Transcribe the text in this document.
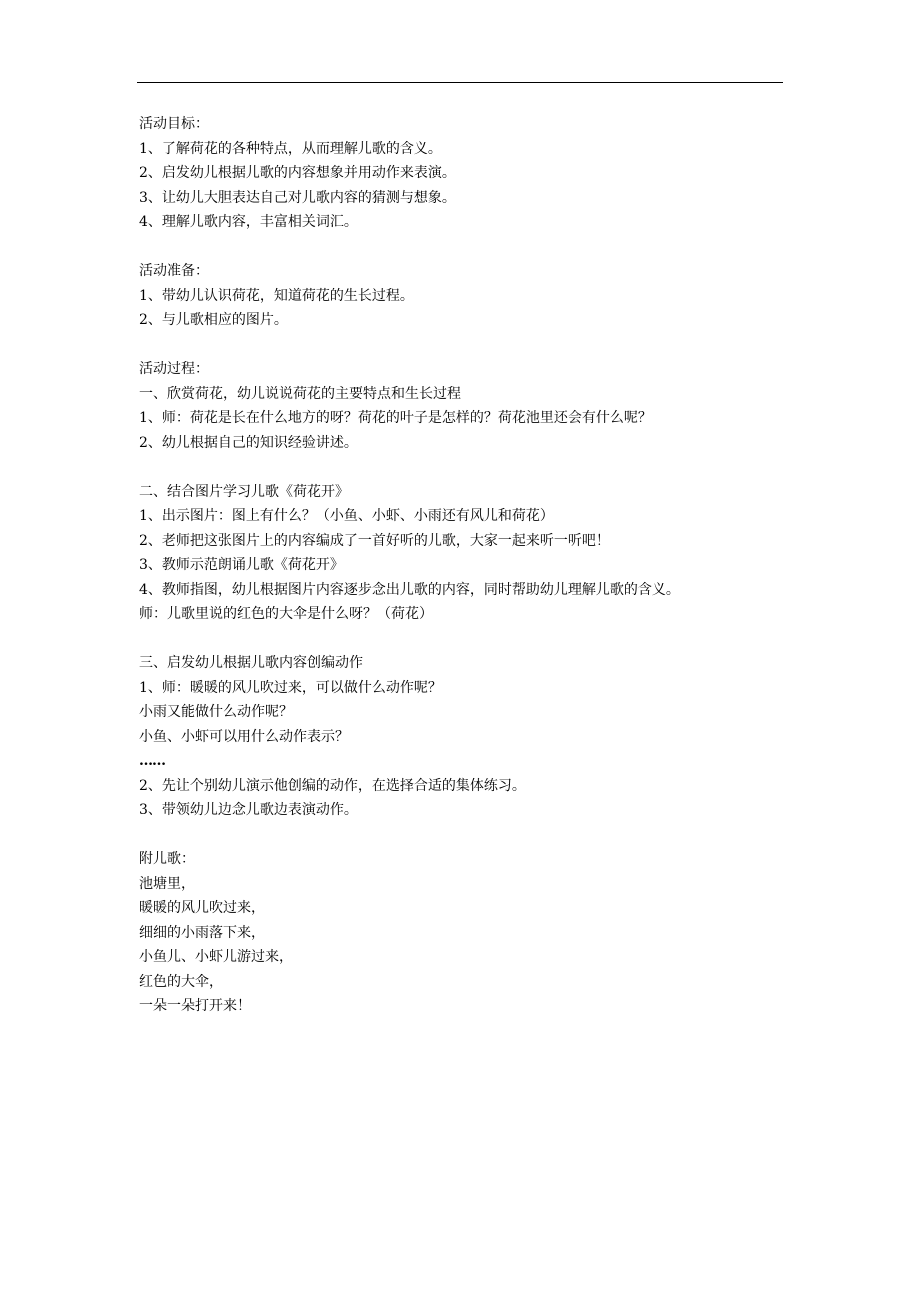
活动目标：
1、了解荷花的各种特点，从而理解儿歌的含义。
2、启发幼儿根据儿歌的内容想象并用动作来表演。
3、让幼儿大胆表达自己对儿歌内容的猜测与想象。
4、理解儿歌内容，丰富相关词汇。
活动准备：
1、带幼儿认识荷花，知道荷花的生长过程。
2、与儿歌相应的图片。
活动过程：
一、欣赏荷花，幼儿说说荷花的主要特点和生长过程
1、师：荷花是长在什么地方的呀？荷花的叶子是怎样的？荷花池里还会有什么呢？
2、幼儿根据自己的知识经验讲述。
二、结合图片学习儿歌《荷花开》
1、出示图片：图上有什么？（小鱼、小虾、小雨还有风儿和荷花）
2、老师把这张图片上的内容编成了一首好听的儿歌，大家一起来听一听吧！
3、教师示范朗诵儿歌《荷花开》
4、教师指图，幼儿根据图片内容逐步念出儿歌的内容，同时帮助幼儿理解儿歌的含义。
师：儿歌里说的红色的大伞是什么呀？（荷花）
三、启发幼儿根据儿歌内容创编动作
1、师：暖暖的风儿吹过来，可以做什么动作呢？
小雨又能做什么动作呢？
小鱼、小虾可以用什么动作表示？
……
2、先让个别幼儿演示他创编的动作，在选择合适的集体练习。
3、带领幼儿边念儿歌边表演动作。
附儿歌：
池塘里，
暖暖的风儿吹过来，
细细的小雨落下来，
小鱼儿、小虾儿游过来，
红色的大伞，
一朵一朵打开来！
